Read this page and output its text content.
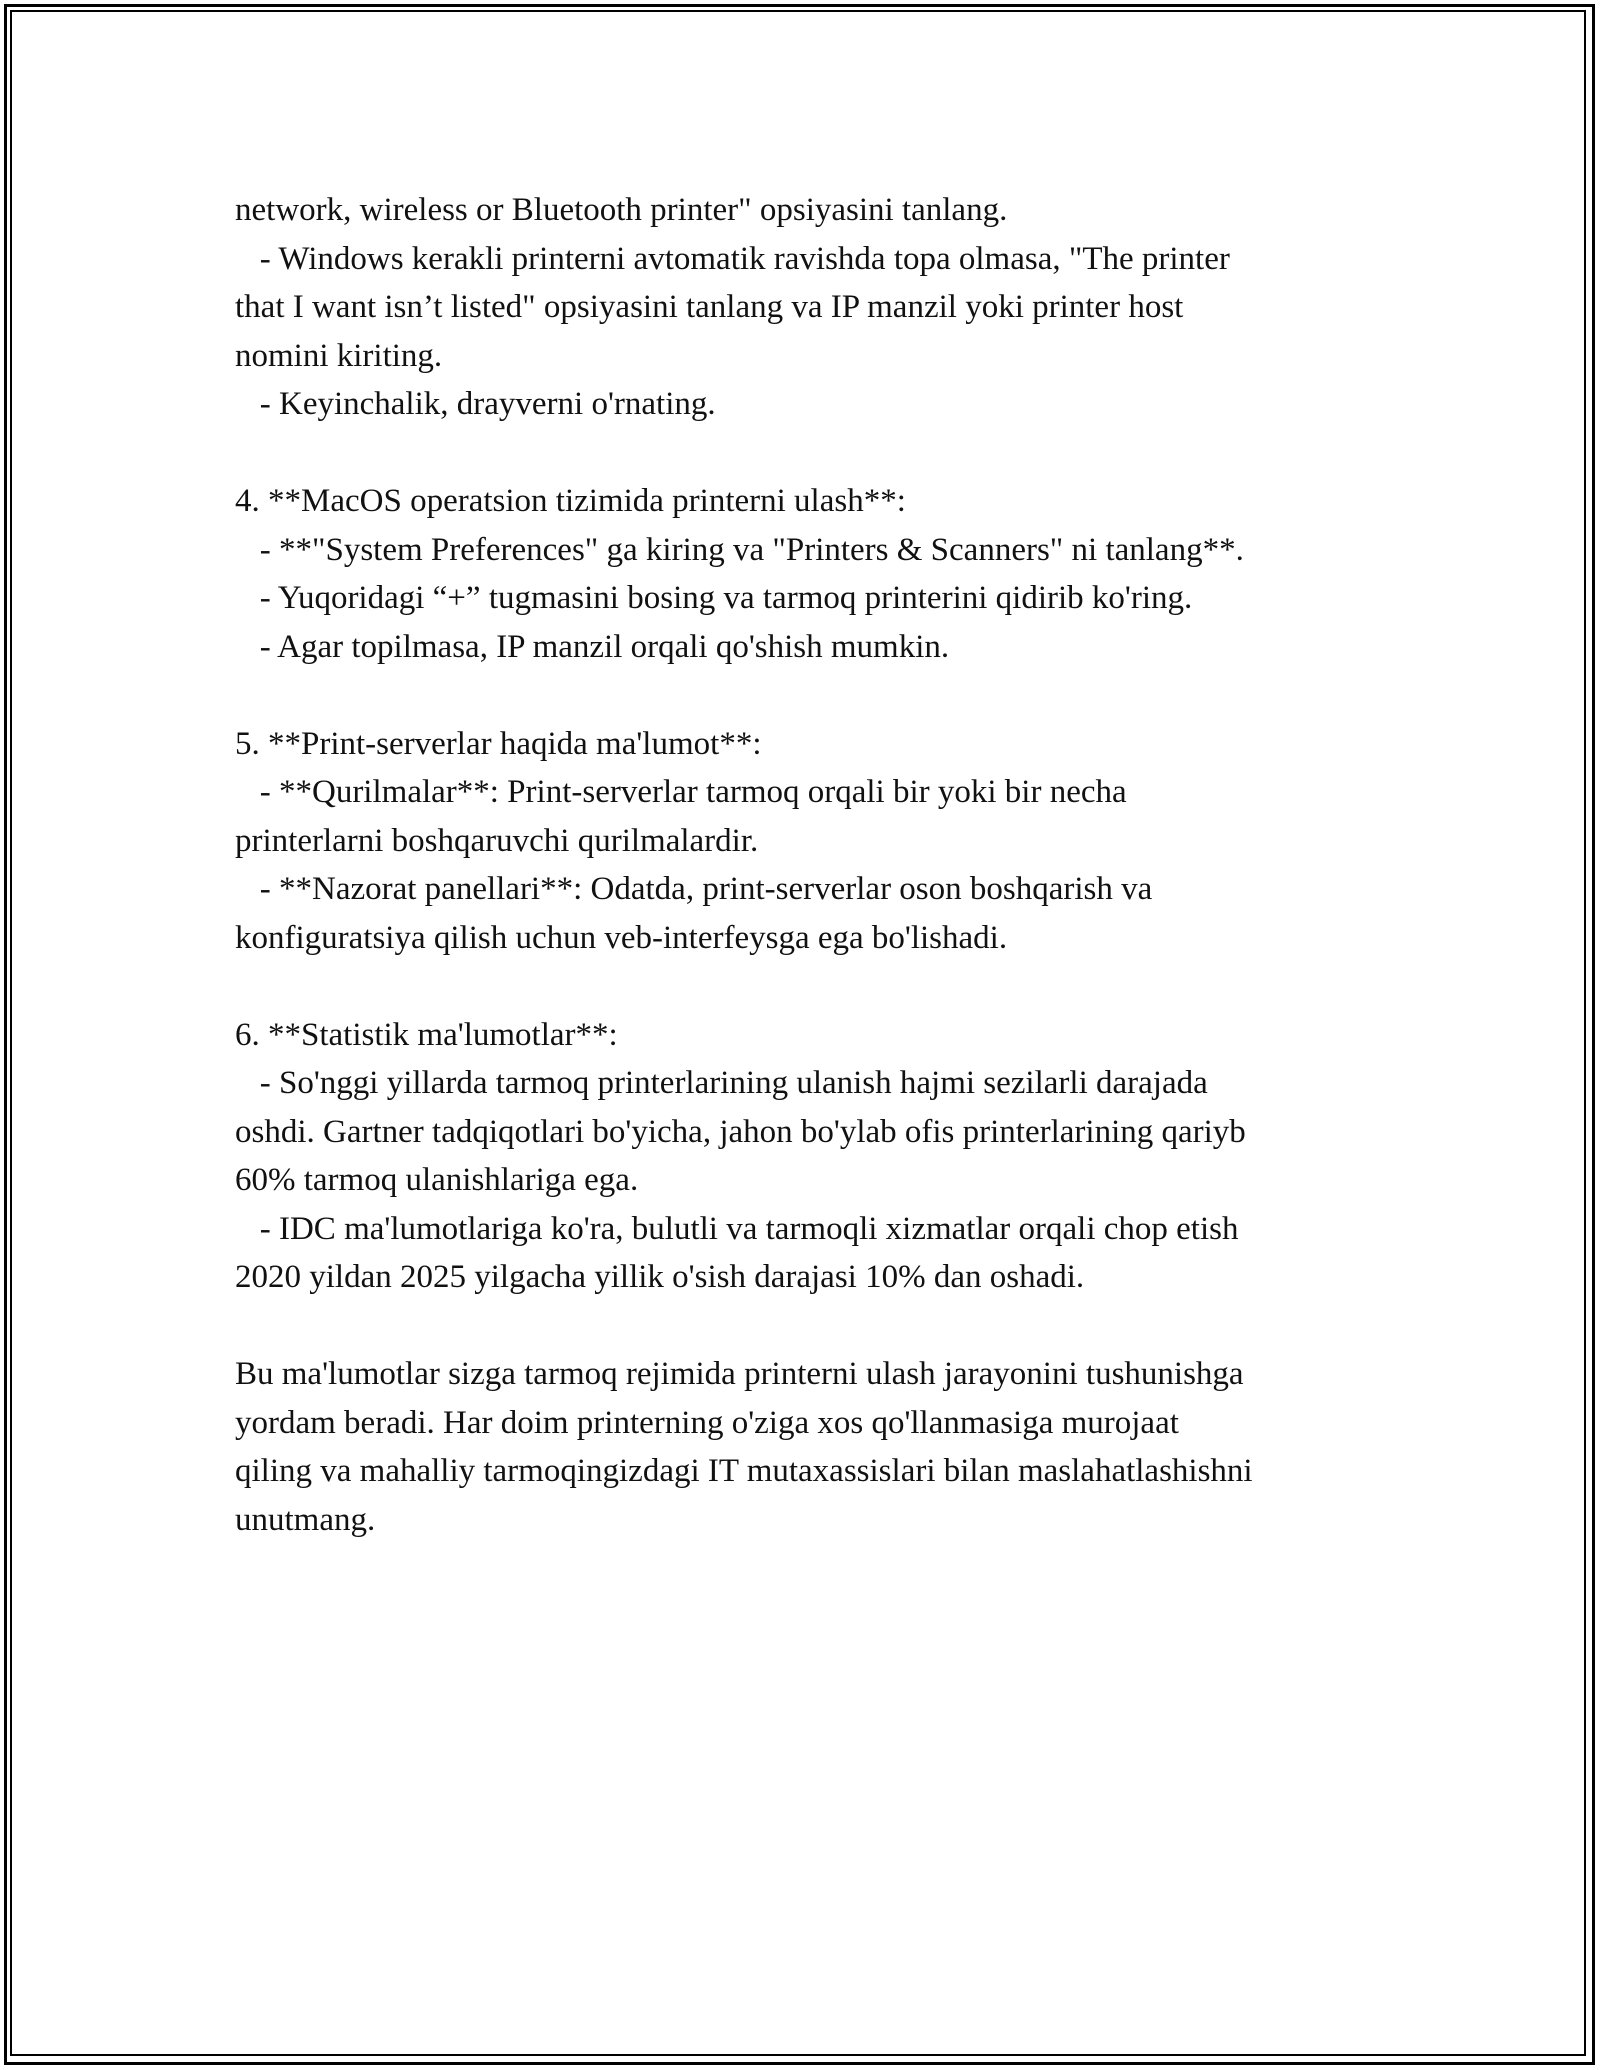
network, wireless or Bluetooth printer" opsiyasini tanlang.
- Windows kerakli printerni avtomatik ravishda topa olmasa, "The printer
that I want isn’t listed" opsiyasini tanlang va IP manzil yoki printer host
nomini kiriting.
- Keyinchalik, drayverni o'rnating.
4. **MacOS operatsion tizimida printerni ulash**:
- **"System Preferences" ga kiring va "Printers & Scanners" ni tanlang**.
- Yuqoridagi “+” tugmasini bosing va tarmoq printerini qidirib ko'ring.
- Agar topilmasa, IP manzil orqali qo'shish mumkin.
5. **Print-serverlar haqida ma'lumot**:
- **Qurilmalar**: Print-serverlar tarmoq orqali bir yoki bir necha
printerlarni boshqaruvchi qurilmalardir.
- **Nazorat panellari**: Odatda, print-serverlar oson boshqarish va
konfiguratsiya qilish uchun veb-interfeysga ega bo'lishadi.
6. **Statistik ma'lumotlar**:
- So'nggi yillarda tarmoq printerlarining ulanish hajmi sezilarli darajada
oshdi. Gartner tadqiqotlari bo'yicha, jahon bo'ylab ofis printerlarining qariyb
60% tarmoq ulanishlariga ega.
- IDC ma'lumotlariga ko'ra, bulutli va tarmoqli xizmatlar orqali chop etish
2020 yildan 2025 yilgacha yillik o'sish darajasi 10% dan oshadi.
Bu ma'lumotlar sizga tarmoq rejimida printerni ulash jarayonini tushunishga
yordam beradi. Har doim printerning o'ziga xos qo'llanmasiga murojaat
qiling va mahalliy tarmoqingizdagi IT mutaxassislari bilan maslahatlashishni
unutmang.
